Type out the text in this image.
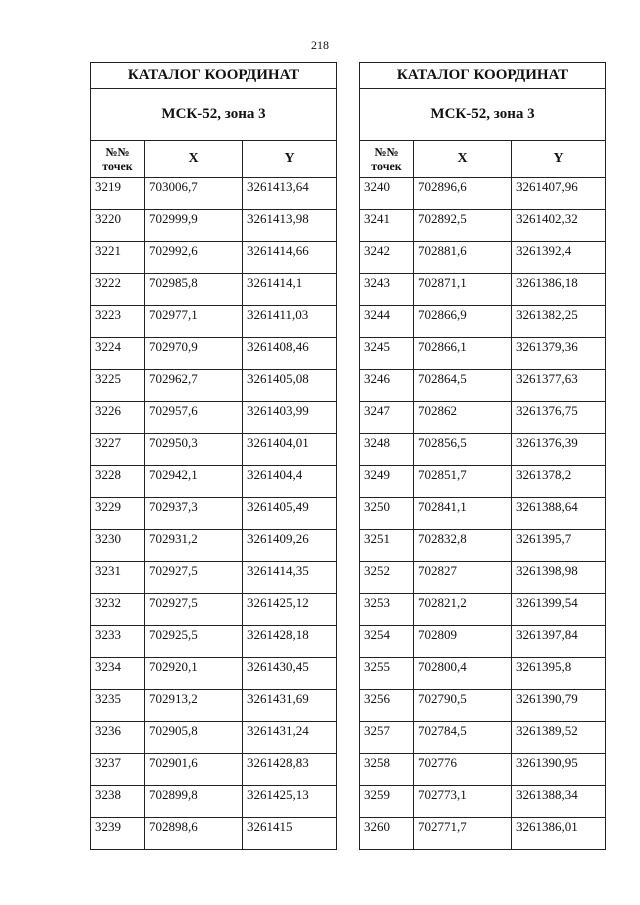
218
КАТАЛОГ КООРДИНАТ		
МСК-52, зона 3		

№№
точек	X	Y
3219	703006,7	3261413,64
3220	702999,9	3261413,98
3221	702992,6	3261414,66
3222	702985,8	3261414,1
3223	702977,1	3261411,03
3224	702970,9	3261408,46
3225	702962,7	3261405,08
3226	702957,6	3261403,99
3227	702950,3	3261404,01
3228	702942,1	3261404,4
3229	702937,3	3261405,49
3230	702931,2	3261409,26
3231	702927,5	3261414,35
3232	702927,5	3261425,12
3233	702925,5	3261428,18
3234	702920,1	3261430,45
3235	702913,2	3261431,69
3236	702905,8	3261431,24
3237	702901,6	3261428,83
3238	702899,8	3261425,13
3239	702898,6	3261415
КАТАЛОГ КООРДИНАТ		
МСК-52, зона 3		

№№
точек	X	Y
3240	702896,6	3261407,96
3241	702892,5	3261402,32
3242	702881,6	3261392,4
3243	702871,1	3261386,18
3244	702866,9	3261382,25
3245	702866,1	3261379,36
3246	702864,5	3261377,63
3247	702862	3261376,75
3248	702856,5	3261376,39
3249	702851,7	3261378,2
3250	702841,1	3261388,64
3251	702832,8	3261395,7
3252	702827	3261398,98
3253	702821,2	3261399,54
3254	702809	3261397,84
3255	702800,4	3261395,8
3256	702790,5	3261390,79
3257	702784,5	3261389,52
3258	702776	3261390,95
3259	702773,1	3261388,34
3260	702771,7	3261386,01
